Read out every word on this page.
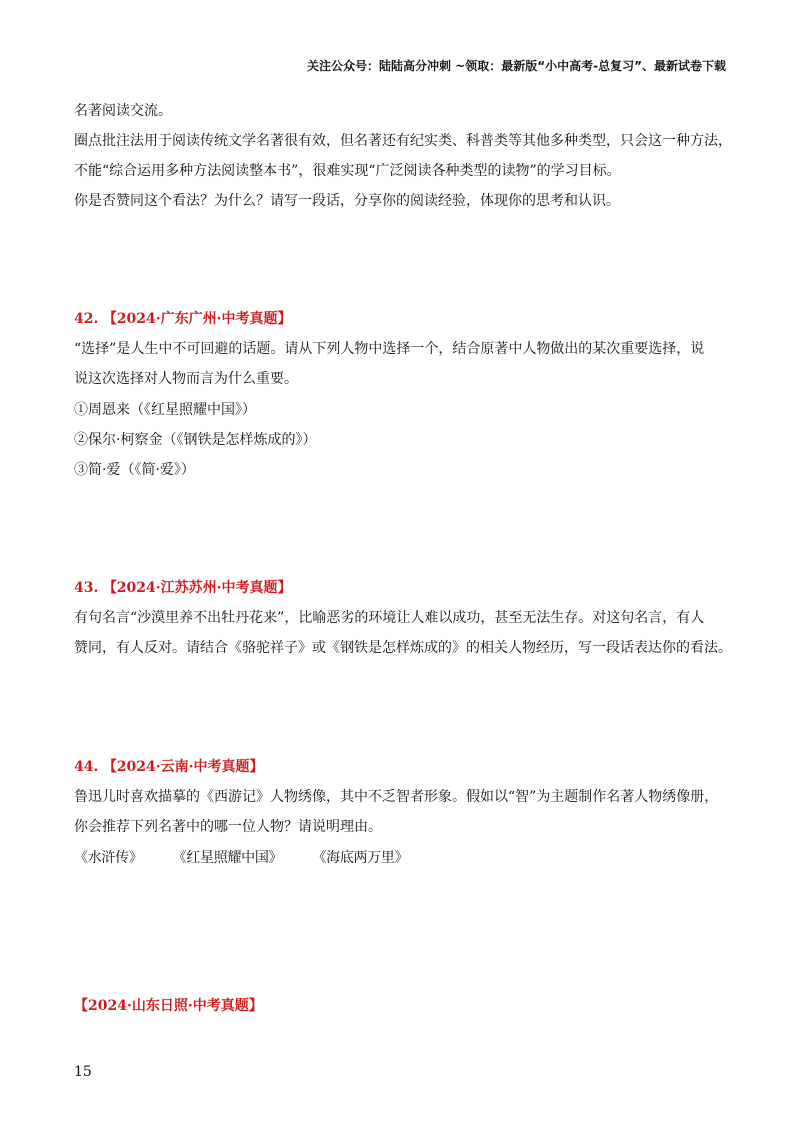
关注公众号：陆陆高分冲刺 ~领取：最新版“小中高考-总复习”、最新试卷下载
名著阅读交流。
圈点批注法用于阅读传统文学名著很有效，但名著还有纪实类、科普类等其他多种类型，只会这一种方法，
不能“综合运用多种方法阅读整本书”，很难实现“广泛阅读各种类型的读物”的学习目标。
你是否赞同这个看法？为什么？请写一段话，分享你的阅读经验，体现你的思考和认识。
42. 【2024·广东广州·中考真题】
“选择”是人生中不可回避的话题。请从下列人物中选择一个，结合原著中人物做出的某次重要选择，说
说这次选择对人物而言为什么重要。
①周恩来（《红星照耀中国》）
②保尔·柯察金（《钢铁是怎样炼成的》）
③简·爱（《简·爱》）
43. 【2024·江苏苏州·中考真题】
有句名言“沙漠里养不出牡丹花来”，比喻恶劣的环境让人难以成功，甚至无法生存。对这句名言，有人
赞同，有人反对。请结合《骆驼祥子》或《钢铁是怎样炼成的》的相关人物经历，写一段话表达你的看法。
44. 【2024·云南·中考真题】
鲁迅儿时喜欢描摹的《西游记》人物绣像，其中不乏智者形象。假如以“智”为主题制作名著人物绣像册，
你会推荐下列名著中的哪一位人物？请说明理由。
《水浒传》 《红星照耀中国》 《海底两万里》
【2024·山东日照·中考真题】
15
